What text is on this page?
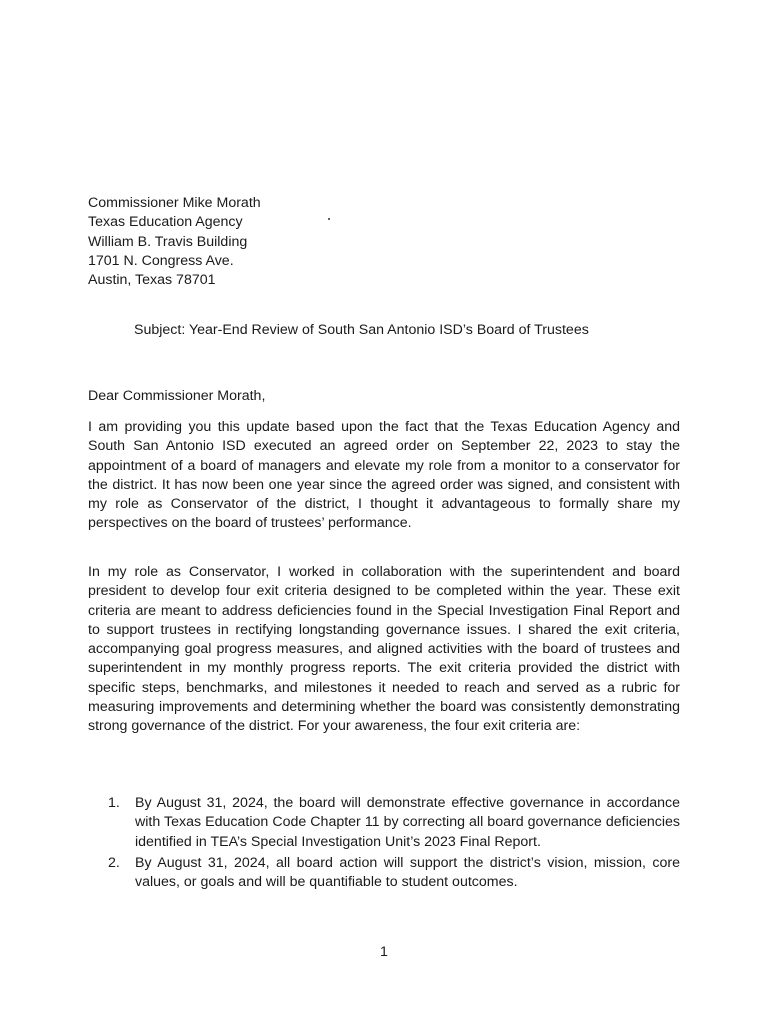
Commissioner Mike Morath
Texas Education Agency
William B. Travis Building
1701 N. Congress Ave.
Austin, Texas 78701
Subject: Year-End Review of South San Antonio ISD’s Board of Trustees
Dear Commissioner Morath,

I am providing you this update based upon the fact that the Texas Education Agency and South San Antonio ISD executed an agreed order on September 22, 2023 to stay the appointment of a board of managers and elevate my role from a monitor to a conservator for the district. It has now been one year since the agreed order was signed, and consistent with my role as Conservator of the district, I thought it advantageous to formally share my perspectives on the board of trustees’ performance.

In my role as Conservator, I worked in collaboration with the superintendent and board president to develop four exit criteria designed to be completed within the year. These exit criteria are meant to address deficiencies found in the Special Investigation Final Report and to support trustees in rectifying longstanding governance issues. I shared the exit criteria, accompanying goal progress measures, and aligned activities with the board of trustees and superintendent in my monthly progress reports. The exit criteria provided the district with specific steps, benchmarks, and milestones it needed to reach and served as a rubric for measuring improvements and determining whether the board was consistently demonstrating strong governance of the district. For your awareness, the four exit criteria are:

1. By August 31, 2024, the board will demonstrate effective governance in accordance with Texas Education Code Chapter 11 by correcting all board governance deficiencies identified in TEA’s Special Investigation Unit’s 2023 Final Report.
2. By August 31, 2024, all board action will support the district’s vision, mission, core values, or goals and will be quantifiable to student outcomes.
1
